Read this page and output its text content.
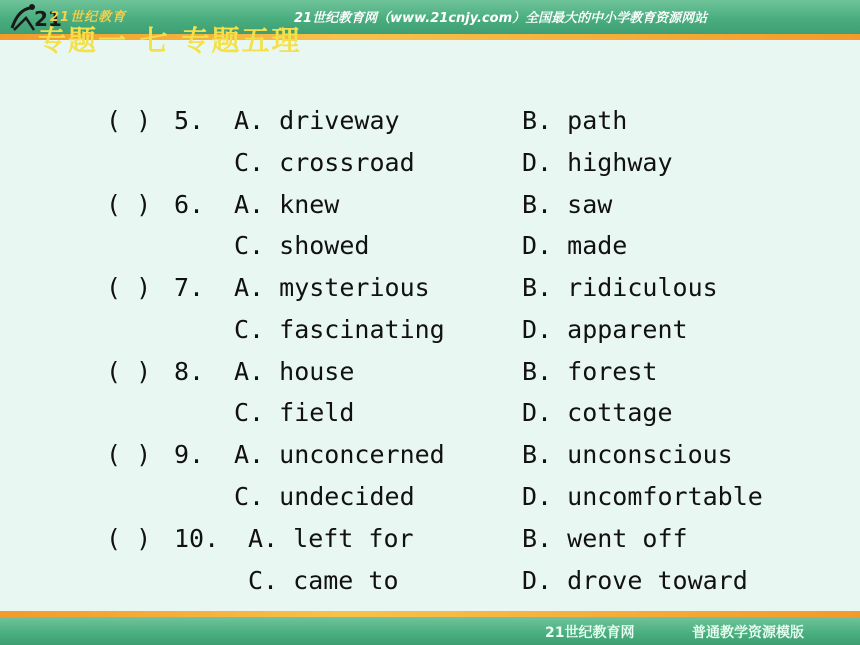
21
21世纪教育	21世纪教育网（www.21cnjy.com）全国最大的中小学教育资源网站
专题一 七 专题五理
( ) 5. A. driveway	B. path
C. crossroad	D. highway
( ) 6. A. knew	B. saw
C. showed	D. made
( ) 7. A. mysterious	B. ridiculous
C. fascinating	D. apparent
( ) 8. A. house	B. forest
C. field	D. cottage
( ) 9. A. unconcerned	B. unconscious
C. undecided	D. uncomfortable
( ) 10. A. left for	B. went off
C. came to	D. drove toward
21世纪教育网	普通教学资源模版
